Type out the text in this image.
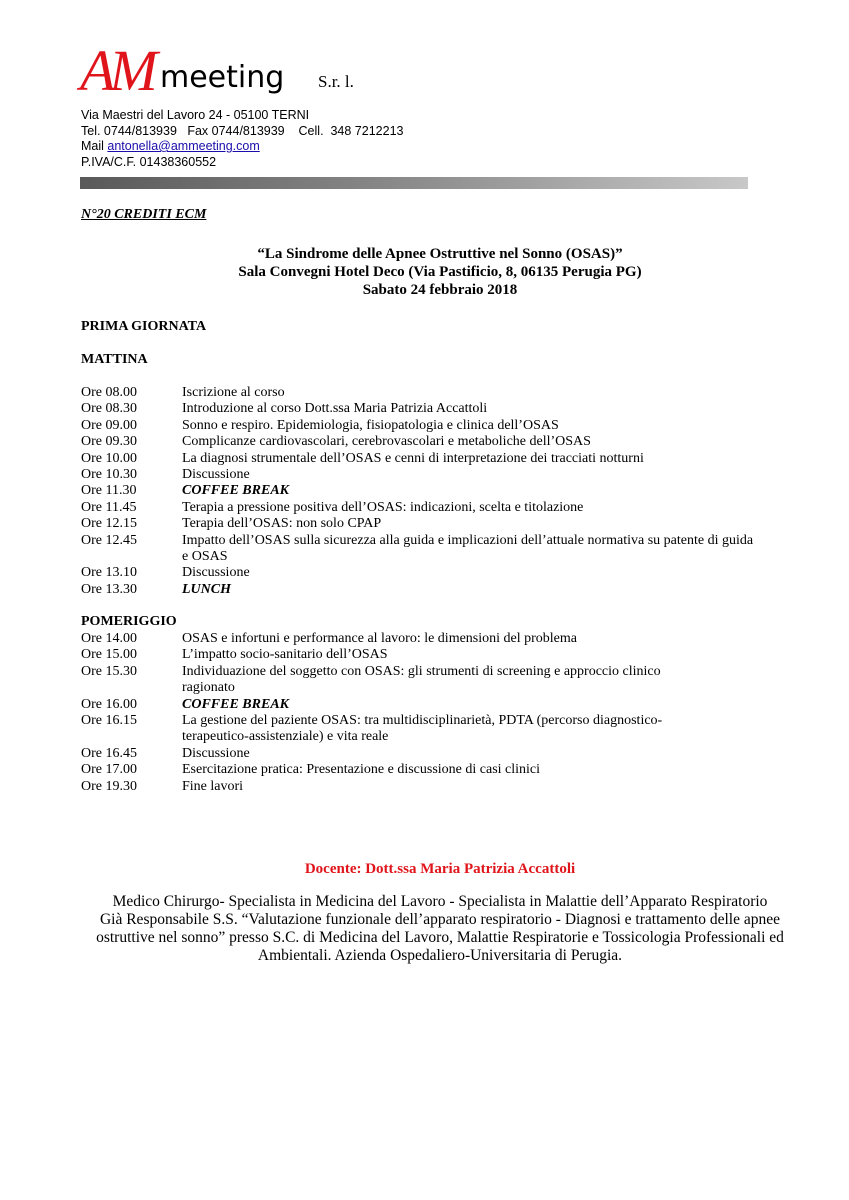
AM meeting S.r. l.
Via Maestri del Lavoro 24 - 05100 TERNI
Tel. 0744/813939   Fax 0744/813939    Cell.  348 7212213
Mail antonella@ammeeting.com
P.IVA/C.F. 01438360552
N°20 CREDITI ECM
“La Sindrome delle Apnee Ostruttive nel Sonno (OSAS)”
Sala Convegni Hotel Deco (Via Pastificio, 8, 06135 Perugia PG)
Sabato 24 febbraio 2018
PRIMA GIORNATA
MATTINA
Ore 08.00	Iscrizione al corso
Ore 08.30	Introduzione al corso Dott.ssa Maria Patrizia Accattoli
Ore 09.00	Sonno e respiro. Epidemiologia, fisiopatologia e clinica dell’OSAS
Ore 09.30	Complicanze cardiovascolari, cerebrovascolari e metaboliche dell’OSAS
Ore 10.00	La diagnosi strumentale dell’OSAS e cenni di interpretazione dei tracciati notturni
Ore 10.30	Discussione
Ore 11.30	COFFEE BREAK
Ore 11.45	Terapia a pressione positiva dell’OSAS: indicazioni, scelta e titolazione
Ore 12.15	Terapia dell’OSAS: non solo CPAP
Ore 12.45	Impatto dell’OSAS sulla sicurezza alla guida e implicazioni dell’attuale normativa su patente di guida e OSAS
Ore 13.10	Discussione
Ore 13.30	LUNCH
POMERIGGIO
Ore 14.00	OSAS e infortuni e performance al lavoro: le dimensioni del problema
Ore 15.00	L’impatto socio-sanitario dell’OSAS
Ore 15.30	Individuazione del soggetto con OSAS: gli strumenti di screening e approccio clinico ragionato
Ore 16.00	COFFEE BREAK
Ore 16.15	La gestione del paziente OSAS: tra multidisciplinarietà, PDTA (percorso diagnostico-terapeutico-assistenziale) e vita reale
Ore 16.45	Discussione
Ore 17.00	Esercitazione pratica: Presentazione e discussione di casi clinici
Ore 19.30	Fine lavori
Docente: Dott.ssa Maria Patrizia Accattoli
Medico Chirurgo- Specialista in Medicina del Lavoro - Specialista in Malattie dell’Apparato Respiratorio
Già Responsabile S.S. “Valutazione funzionale dell’apparato respiratorio - Diagnosi e trattamento delle apnee
ostruttive nel sonno” presso S.C. di Medicina del Lavoro, Malattie Respiratorie e Tossicologia Professionali ed
Ambientali. Azienda Ospedaliero-Universitaria di Perugia.
